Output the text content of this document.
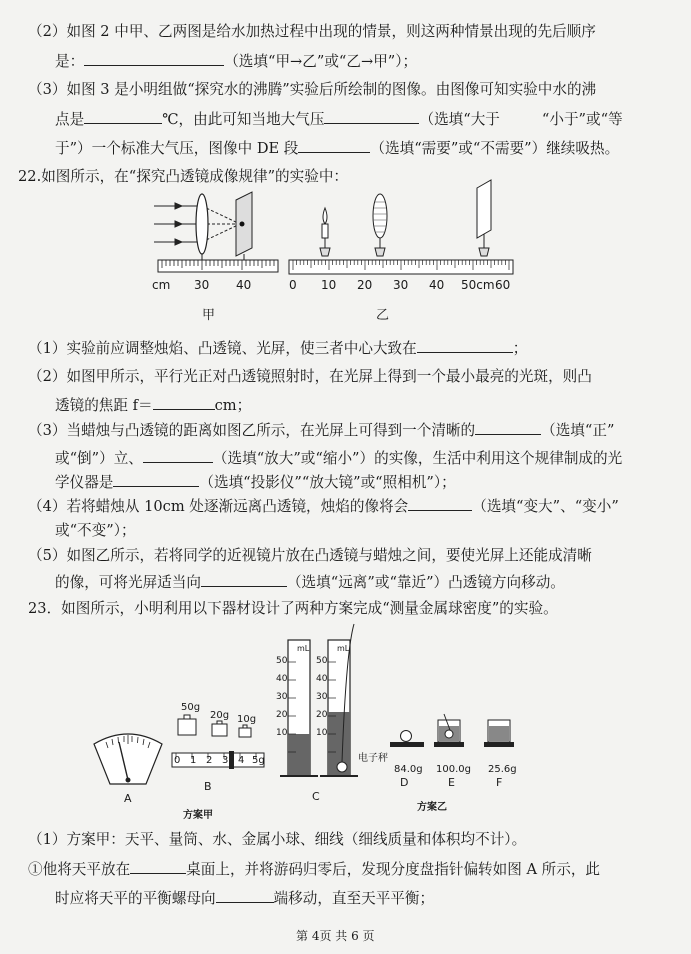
（2）如图 2 中甲、乙两图是给水加热过程中出现的情景，则这两种情景出现的先后顺序
是：	（选填“甲→乙”或“乙→甲”）；
（3）如图 3 是小明组做“探究水的沸腾”实验后所绘制的图像。由图像可知实验中水的沸
点是	℃，由此可知当地大气压	（选填“大于	“小于”或“等
于”）一个标准大气压，图像中 DE 段	（选填“需要”或“不需要”）继续吸热。
22.如图所示，在“探究凸透镜成像规律”的实验中：
cm 30 40
甲
0 10 20 30 40 50cm 60
乙
（1）实验前应调整烛焰、凸透镜、光屏，使三者中心大致在	；
（2）如图甲所示，平行光正对凸透镜照射时，在光屏上得到一个最小最亮的光斑，则凸
透镜的焦距 f＝	cm；
（3）当蜡烛与凸透镜的距离如图乙所示，在光屏上可得到一个清晰的	（选填“正”
或“倒”）立、	（选填“放大”或“缩小”）的实像，生活中利用这个规律制成的光
学仪器是	（选填“投影仪”“放大镜”或“照相机”）；
（4）若将蜡烛从 10cm 处逐渐远离凸透镜，烛焰的像将会	（选填“变大”、“变小”
或“不变”）；
（5）如图乙所示，若将同学的近视镜片放在凸透镜与蜡烛之间，要使光屏上还能成清晰
的像，可将光屏适当向	（选填“远离”或“靠近”）凸透镜方向移动。
23．如图所示，小明利用以下器材设计了两种方案完成“测量金属球密度”的实验。
A
50g
20g 10g
0 1 2 3 4 5g
B
方案甲
mL	mL
50
40
30
20
10
50
40
30
20
10
C
电子秤
84.0g 100.0g 25.6g
D	E	F
方案乙
（1）方案甲：天平、量筒、水、金属小球、细线（细线质量和体积均不计）。
①他将天平放在	桌面上，并将游码归零后，发现分度盘指针偏转如图 A 所示，此
时应将天平的平衡螺母向	端移动，直至天平平衡；
第 4页 共 6 页
